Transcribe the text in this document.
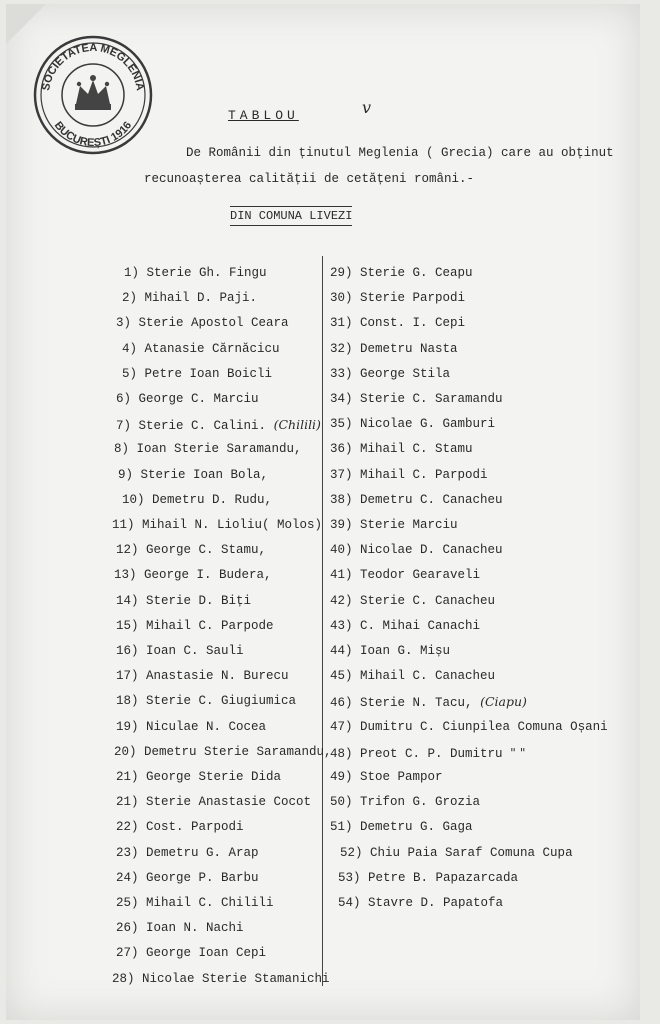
SOCIETATEA MEGLENIA
BUCUREȘTI 1916
TABLOU	v
De Românii din ținutul Meglenia ( Grecia) care au obținut
recunoașterea calității de cetățeni români.-
DIN COMUNA LIVEZI
1) Sterie Gh. Fingu
2) Mihail D. Paji.
3) Sterie Apostol Ceara
4) Atanasie Cărnăcicu
5) Petre Ioan Boicli
6) George C. Marciu
7) Sterie C. Calini. (Chilili)
8) Ioan Sterie Saramandu,
9) Sterie Ioan Bola,
10) Demetru D. Rudu,
11) Mihail N. Lioliu( Molos)
12) George C. Stamu,
13) George I. Budera,
14) Sterie D. Biți
15) Mihail C. Parpode
16) Ioan C. Sauli
17) Anastasie N. Burecu
18) Sterie C. Giugiumica
19) Niculae N. Cocea
20) Demetru Sterie Saramandu,
21) George Sterie Dida
21) Sterie Anastasie Cocot
22) Cost. Parpodi
23) Demetru G. Arap
24) George P. Barbu
25) Mihail C. Chilili
26) Ioan N. Nachi
27) George Ioan Cepi
28) Nicolae Sterie Stamanichi
29) Sterie G. Ceapu
30) Sterie Parpodi
31) Const. I. Cepi
32) Demetru Nasta
33) George Stila
34) Sterie C. Saramandu
35) Nicolae G. Gamburi
36) Mihail C. Stamu
37) Mihail C. Parpodi
38) Demetru C. Canacheu
39) Sterie Marciu
40) Nicolae D. Canacheu
41) Teodor Gearaveli
42) Sterie C. Canacheu
43) C. Mihai Canachi
44) Ioan G. Mișu
45) Mihail C. Canacheu
46) Sterie N. Tacu, (Ciapu)
47) Dumitru C. Ciunpilea Comuna Oșani
48) Preot C. P. Dumitru " "
49) Stoe Pampor
50) Trifon G. Grozia
51) Demetru G. Gaga
52) Chiu Paia Saraf Comuna Cupa
53) Petre B. Papazarcada
54) Stavre D. Papatofa
